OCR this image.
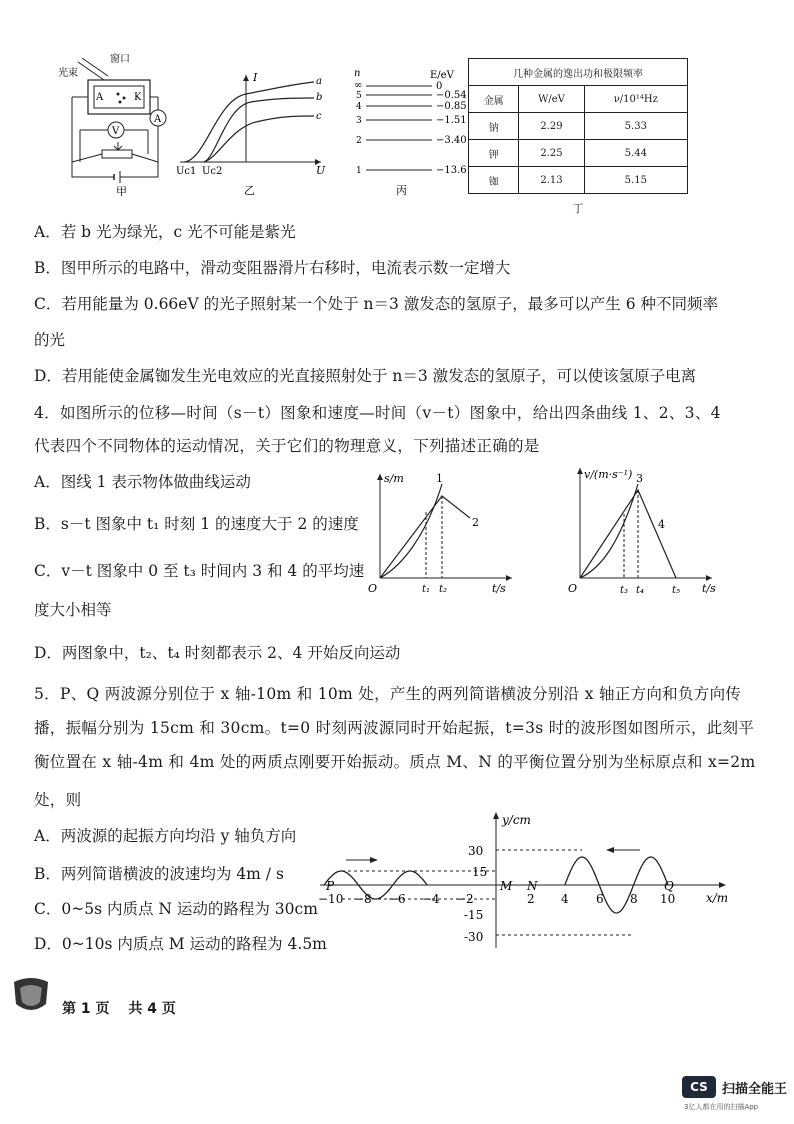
光束
窗口
A	K
A
V
甲
I
U
a
b
c
Uc1 Uc2
乙
n	E/eV
∞	0
5	−0.54
4	−0.85
3	−1.51
2	−3.40
1	−13.6
丙
几种金属的逸出功和极限频率		
金属	W/eV	ν/10¹⁴Hz
钠	2.29	5.33
钾	2.25	5.44
铷	2.13	5.15
丁
A．若 b 光为绿光，c 光不可能是紫光
B．图甲所示的电路中，滑动变阻器滑片右移时，电流表示数一定增大
C．若用能量为 0.66eV 的光子照射某一个处于 n＝3 激发态的氢原子，最多可以产生 6 种不同频率
的光
D．若用能使金属铷发生光电效应的光直接照射处于 n＝3 激发态的氢原子，可以使该氢原子电离
4．如图所示的位移—时间（s－t）图象和速度—时间（v－t）图象中，给出四条曲线 1、2、3、4
代表四个不同物体的运动情况，关于它们的物理意义，下列描述正确的是
A．图线 1 表示物体做曲线运动
B．s－t 图象中 t₁ 时刻 1 的速度大于 2 的速度
C．v－t 图象中 0 至 t₃ 时间内 3 和 4 的平均速
度大小相等
D．两图象中，t₂、t₄ 时刻都表示 2、4 开始反向运动
s/m
t/s
O
1
2
t₁ t₂
v/(m·s⁻¹)
t/s
O
3
4
t₃ t₄	t₅
5．P、Q 两波源分别位于 x 轴-10m 和 10m 处，产生的两列简谐横波分别沿 x 轴正方向和负方向传
播，振幅分别为 15cm 和 30cm。t=0 时刻两波源同时开始起振，t=3s 时的波形图如图所示，此刻平
衡位置在 x 轴-4m 和 4m 处的两质点刚要开始振动。质点 M、N 的平衡位置分别为坐标原点和 x=2m
处，则
A．两波源的起振方向均沿 y 轴负方向
B．两列简谐横波的波速均为 4m / s
C．0~5s 内质点 N 运动的路程为 30cm
D．0~10s 内质点 M 运动的路程为 4.5m
y/cm
x/m
30
15
-15
-30
P	Q
M N
−10 −8 −6 −4 −2	2 4 6 8 10
第 1 页　 共 4 页
CS	扫描全能王
3亿人都在用的扫描App
